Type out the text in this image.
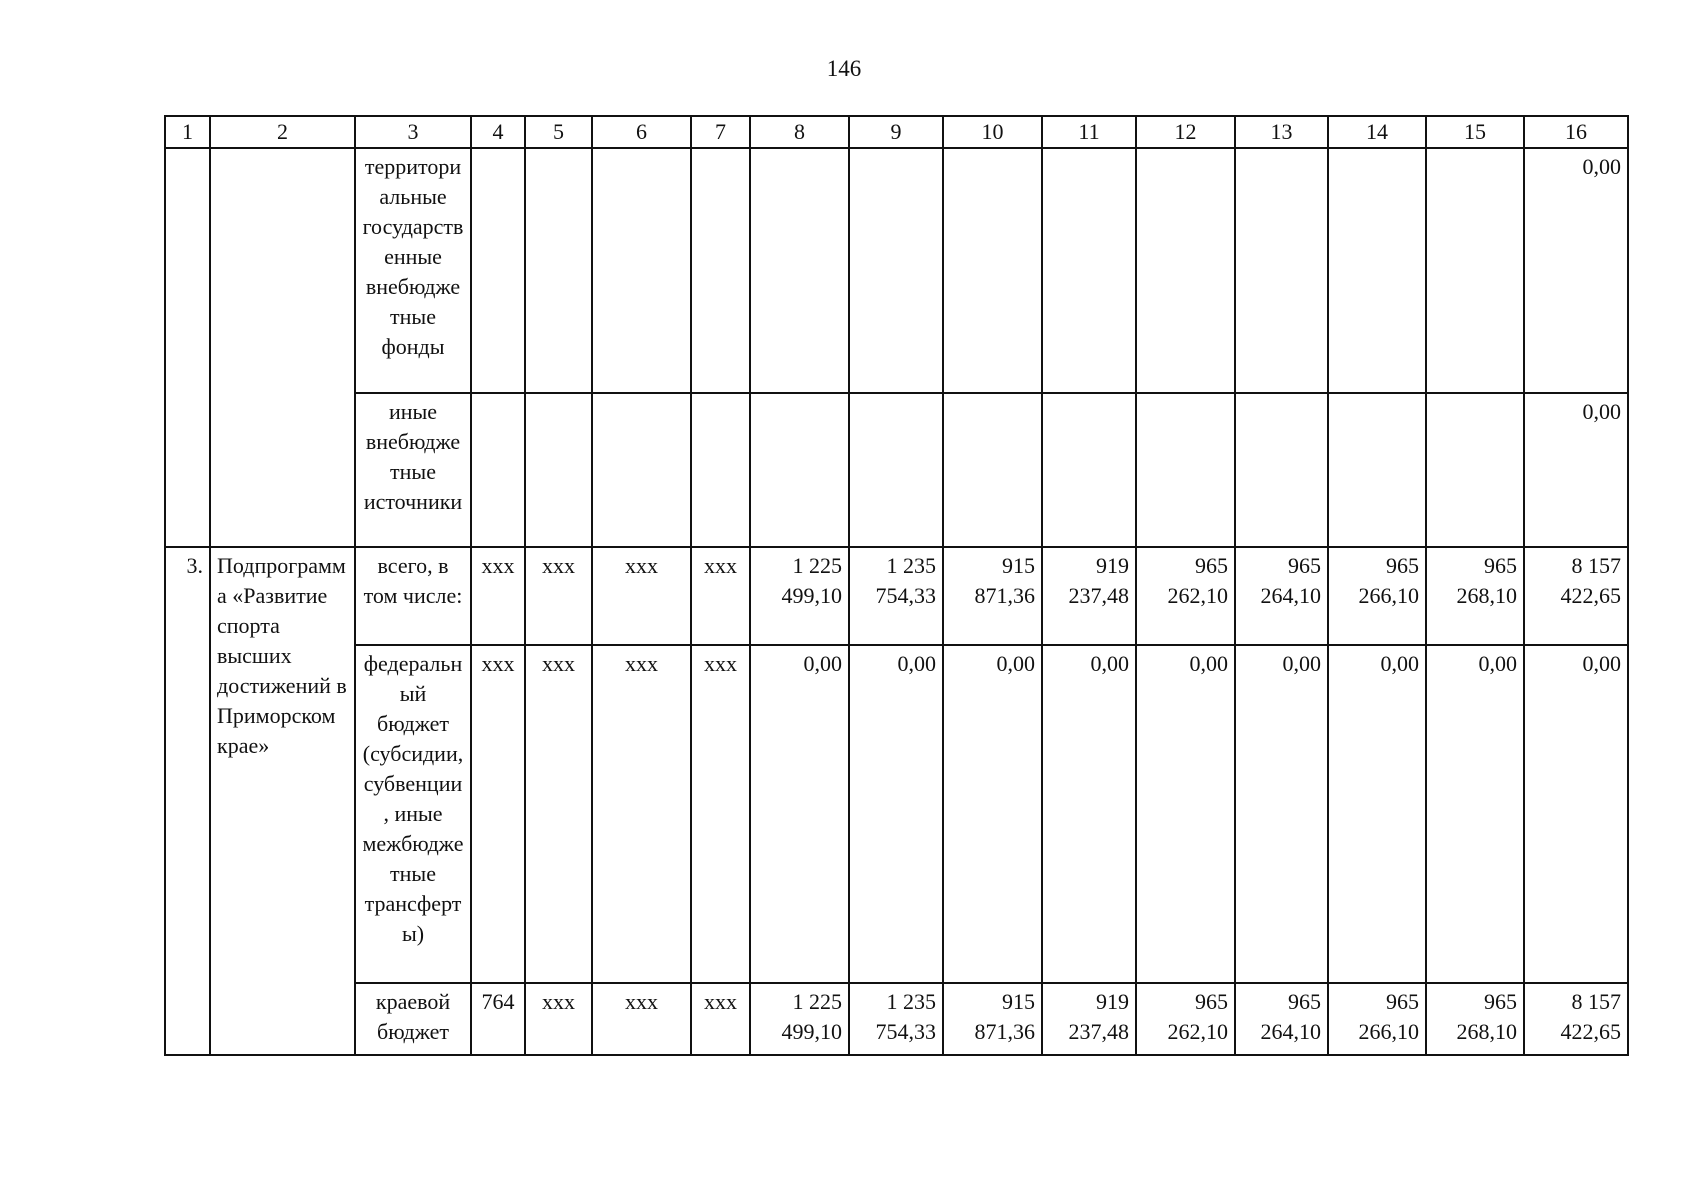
146
1	2	3	4	5	6	7	8	9	10	11	12	13	14	15	16
		территориальные государственные внебюджетные фонды													0,00
		иные внебюджетные источники													0,00
3.	Подпрограмма «Развитие спорта высших достижений в Приморском крае»	всего, в том числе:	xxx	xxx	xxx	xxx	1 225 499,10	1 235 754,33	915 871,36	919 237,48	965 262,10	965 264,10	965 266,10	965 268,10	8 157 422,65
		федеральный бюджет (субсидии, субвенции, иные межбюджетные трансферты)	xxx	xxx	xxx	xxx	0,00	0,00	0,00	0,00	0,00	0,00	0,00	0,00	0,00
		краевой бюджет	764	xxx	xxx	xxx	1 225 499,10	1 235 754,33	915 871,36	919 237,48	965 262,10	965 264,10	965 266,10	965 268,10	8 157 422,65
